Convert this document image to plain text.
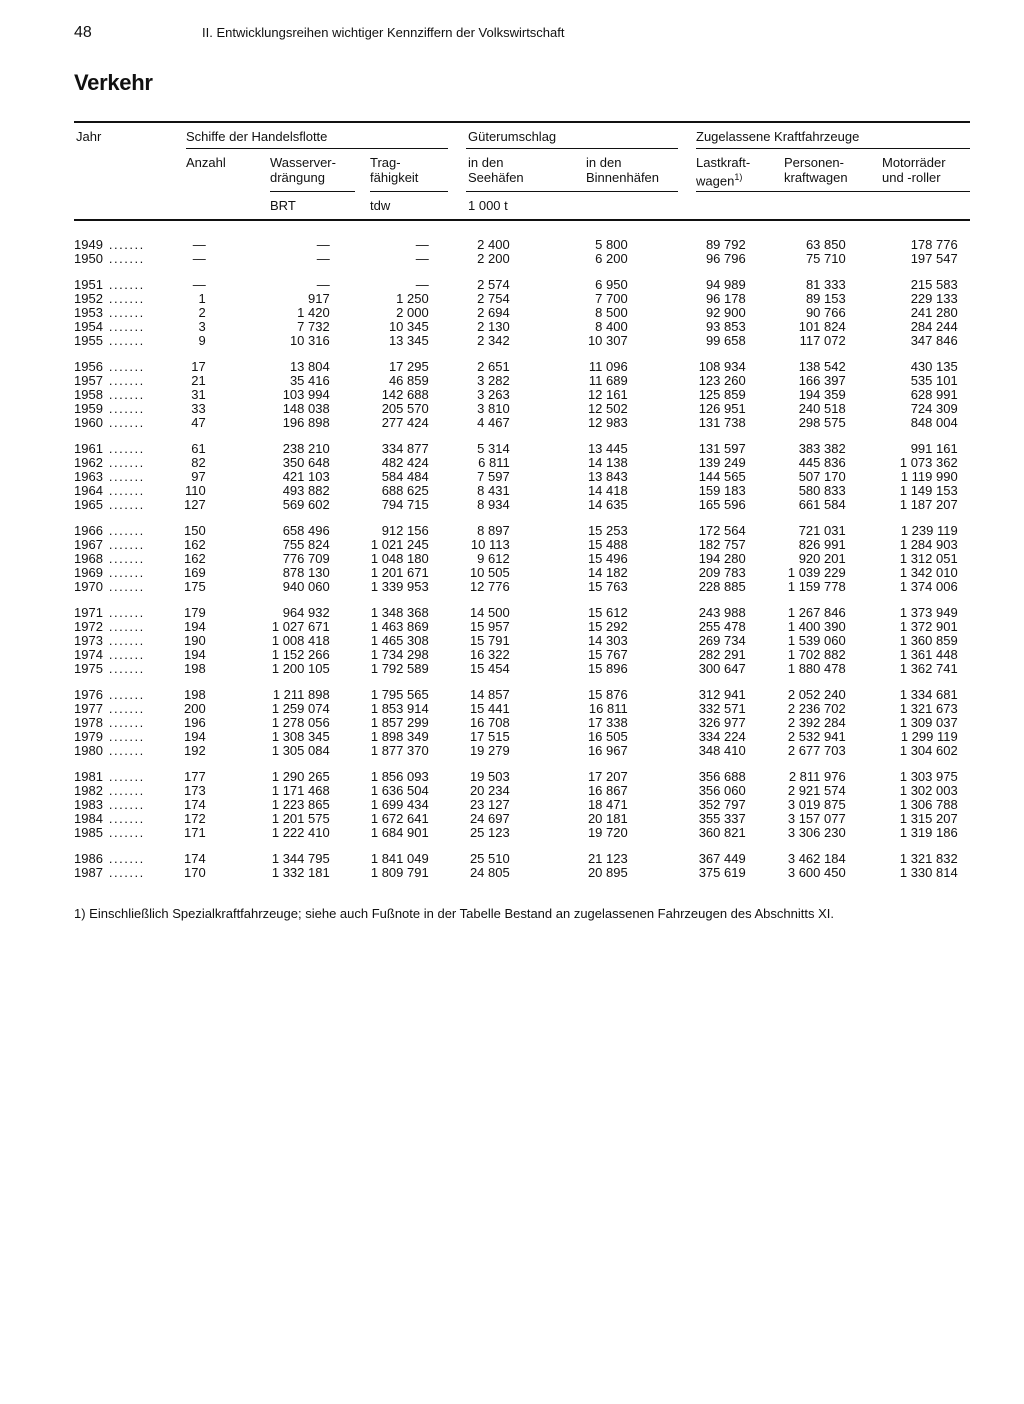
48	II. Entwicklungsreihen wichtiger Kennziffern der Volkswirtschaft
Verkehr
Jahr	Schiffe der Handelsflotte	Güterumschlag	Zugelassene Kraftfahrzeuge
Anzahl	Wasserver-
drängung
Trag-
fähigkeit
in den
Seehäfen
in den
Binnenhäfen
Lastkraft-
wagen$^{1)}$
Personen-
kraftwagen
Motorräder
und -roller
BRT	tdw	1 000 t
1949 .......	—	—	—	2 400	5 800	89 792	63 850	178 776
1950 .......	—	—	—	2 200	6 200	96 796	75 710	197 547

1951 .......	—	—	—	2 574	6 950	94 989	81 333	215 583
1952 .......	1	917	1 250	2 754	7 700	96 178	89 153	229 133
1953 .......	2	1 420	2 000	2 694	8 500	92 900	90 766	241 280
1954 .......	3	7 732	10 345	2 130	8 400	93 853	101 824	284 244
1955 .......	9	10 316	13 345	2 342	10 307	99 658	117 072	347 846

1956 .......	17	13 804	17 295	2 651	11 096	108 934	138 542	430 135
1957 .......	21	35 416	46 859	3 282	11 689	123 260	166 397	535 101
1958 .......	31	103 994	142 688	3 263	12 161	125 859	194 359	628 991
1959 .......	33	148 038	205 570	3 810	12 502	126 951	240 518	724 309
1960 .......	47	196 898	277 424	4 467	12 983	131 738	298 575	848 004

1961 .......	61	238 210	334 877	5 314	13 445	131 597	383 382	991 161
1962 .......	82	350 648	482 424	6 811	14 138	139 249	445 836	1 073 362
1963 .......	97	421 103	584 484	7 597	13 843	144 565	507 170	1 119 990
1964 .......	110	493 882	688 625	8 431	14 418	159 183	580 833	1 149 153
1965 .......	127	569 602	794 715	8 934	14 635	165 596	661 584	1 187 207

1966 .......	150	658 496	912 156	8 897	15 253	172 564	721 031	1 239 119
1967 .......	162	755 824	1 021 245	10 113	15 488	182 757	826 991	1 284 903
1968 .......	162	776 709	1 048 180	9 612	15 496	194 280	920 201	1 312 051
1969 .......	169	878 130	1 201 671	10 505	14 182	209 783	1 039 229	1 342 010
1970 .......	175	940 060	1 339 953	12 776	15 763	228 885	1 159 778	1 374 006

1971 .......	179	964 932	1 348 368	14 500	15 612	243 988	1 267 846	1 373 949
1972 .......	194	1 027 671	1 463 869	15 957	15 292	255 478	1 400 390	1 372 901
1973 .......	190	1 008 418	1 465 308	15 791	14 303	269 734	1 539 060	1 360 859
1974 .......	194	1 152 266	1 734 298	16 322	15 767	282 291	1 702 882	1 361 448
1975 .......	198	1 200 105	1 792 589	15 454	15 896	300 647	1 880 478	1 362 741

1976 .......	198	1 211 898	1 795 565	14 857	15 876	312 941	2 052 240	1 334 681
1977 .......	200	1 259 074	1 853 914	15 441	16 811	332 571	2 236 702	1 321 673
1978 .......	196	1 278 056	1 857 299	16 708	17 338	326 977	2 392 284	1 309 037
1979 .......	194	1 308 345	1 898 349	17 515	16 505	334 224	2 532 941	1 299 119
1980 .......	192	1 305 084	1 877 370	19 279	16 967	348 410	2 677 703	1 304 602

1981 .......	177	1 290 265	1 856 093	19 503	17 207	356 688	2 811 976	1 303 975
1982 .......	173	1 171 468	1 636 504	20 234	16 867	356 060	2 921 574	1 302 003
1983 .......	174	1 223 865	1 699 434	23 127	18 471	352 797	3 019 875	1 306 788
1984 .......	172	1 201 575	1 672 641	24 697	20 181	355 337	3 157 077	1 315 207
1985 .......	171	1 222 410	1 684 901	25 123	19 720	360 821	3 306 230	1 319 186

1986 .......	174	1 344 795	1 841 049	25 510	21 123	367 449	3 462 184	1 321 832
1987 .......	170	1 332 181	1 809 791	24 805	20 895	375 619	3 600 450	1 330 814
1) Einschließlich Spezialkraftfahrzeuge; siehe auch Fußnote in der Tabelle Bestand an zugelassenen Fahrzeugen des Abschnitts XI.
